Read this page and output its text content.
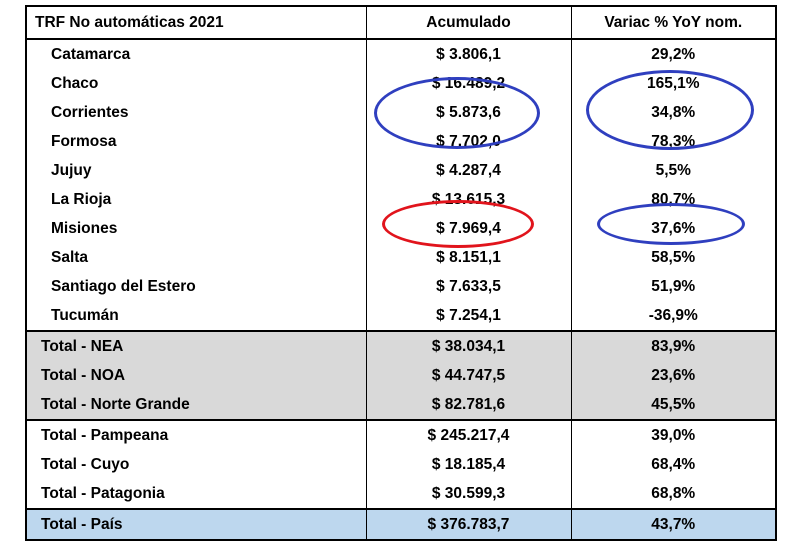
TRF No automáticas 2021	Acumulado	Variac % YoY nom.
Catamarca	$ 3.806,1	29,2%
Chaco	$ 16.489,2	165,1%
Corrientes	$ 5.873,6	34,8%
Formosa	$ 7.702,0	78,3%
Jujuy	$ 4.287,4	5,5%
La Rioja	$ 13.615,3	80,7%
Misiones	$ 7.969,4	37,6%
Salta	$ 8.151,1	58,5%
Santiago del Estero	$ 7.633,5	51,9%
Tucumán	$ 7.254,1	-36,9%
Total - NEA	$ 38.034,1	83,9%
Total - NOA	$ 44.747,5	23,6%
Total - Norte Grande	$ 82.781,6	45,5%
Total - Pampeana	$ 245.217,4	39,0%
Total - Cuyo	$ 18.185,4	68,4%
Total - Patagonia	$ 30.599,3	68,8%
Total - País	$ 376.783,7	43,7%
